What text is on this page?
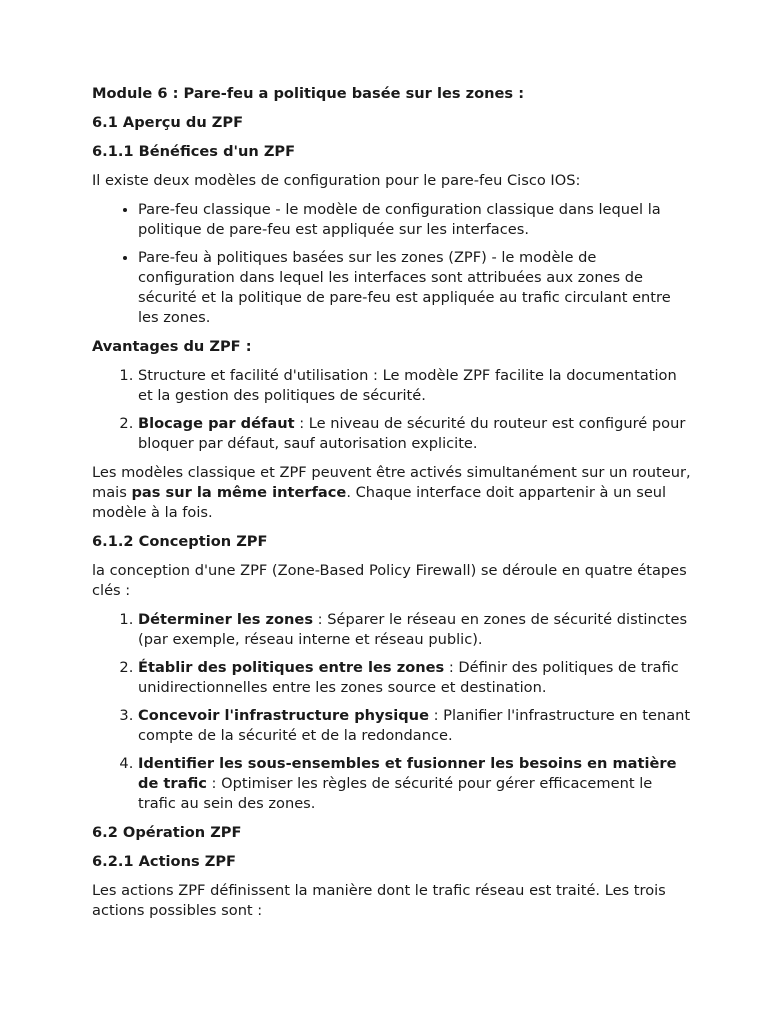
Module 6 : Pare-feu a politique basée sur les zones :
6.1 Aperçu du ZPF
6.1.1 Bénéfices d'un ZPF

Il existe deux modèles de configuration pour le pare-feu Cisco IOS:

• Pare-feu classique - le modèle de configuration classique dans lequel la politique de pare-feu est appliquée sur les interfaces.
• Pare-feu à politiques basées sur les zones (ZPF) - le modèle de configuration dans lequel les interfaces sont attribuées aux zones de sécurité et la politique de pare-feu est appliquée au trafic circulant entre les zones.
Avantages du ZPF :
1. Structure et facilité d'utilisation : Le modèle ZPF facilite la documentation et la gestion des politiques de sécurité.
2. Blocage par défaut : Le niveau de sécurité du routeur est configuré pour bloquer par défaut, sauf autorisation explicite.

Les modèles classique et ZPF peuvent être activés simultanément sur un routeur, mais pas sur la même interface. Chaque interface doit appartenir à un seul modèle à la fois.

6.1.2 Conception ZPF

la conception d'une ZPF (Zone-Based Policy Firewall) se déroule en quatre étapes clés :

1. Déterminer les zones : Séparer le réseau en zones de sécurité distinctes (par exemple, réseau interne et réseau public).
2. Établir des politiques entre les zones : Définir des politiques de trafic unidirectionnelles entre les zones source et destination.
3. Concevoir l'infrastructure physique : Planifier l'infrastructure en tenant compte de la sécurité et de la redondance.
4. Identifier les sous-ensembles et fusionner les besoins en matière de trafic : Optimiser les règles de sécurité pour gérer efficacement le trafic au sein des zones.
6.2 Opération ZPF
6.2.1 Actions ZPF

Les actions ZPF définissent la manière dont le trafic réseau est traité. Les trois actions possibles sont :
